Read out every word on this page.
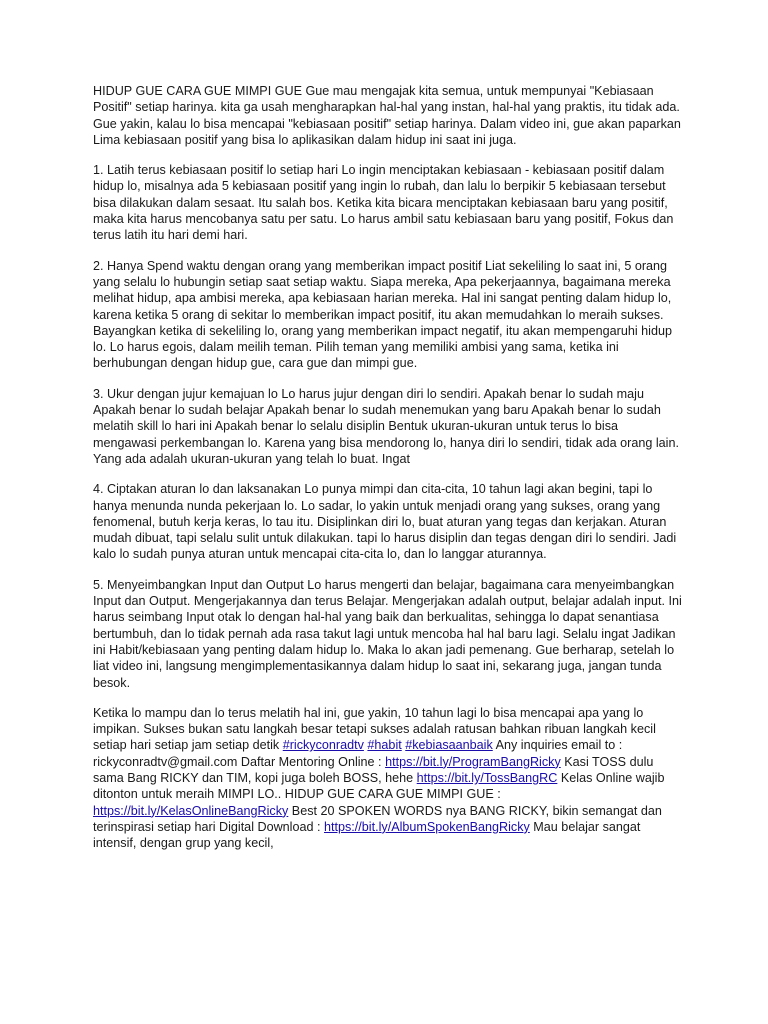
HIDUP GUE CARA GUE MIMPI GUE Gue mau mengajak kita semua, untuk mempunyai "Kebiasaan Positif" setiap harinya. kita ga usah mengharapkan hal-hal yang instan, hal-hal yang praktis, itu tidak ada. Gue yakin, kalau lo bisa mencapai "kebiasaan positif" setiap harinya. Dalam video ini, gue akan paparkan Lima kebiasaan positif yang bisa lo aplikasikan dalam hidup ini saat ini juga.

1. Latih terus kebiasaan positif lo setiap hari Lo ingin menciptakan kebiasaan - kebiasaan positif dalam hidup lo, misalnya ada 5 kebiasaan positif yang ingin lo rubah, dan lalu lo berpikir 5 kebiasaan tersebut bisa dilakukan dalam sesaat. Itu salah bos. Ketika kita bicara menciptakan kebiasaan baru yang positif, maka kita harus mencobanya satu per satu. Lo harus ambil satu kebiasaan baru yang positif, Fokus dan terus latih itu hari demi hari.

2. Hanya Spend waktu dengan orang yang memberikan impact positif Liat sekeliling lo saat ini, 5 orang yang selalu lo hubungin setiap saat setiap waktu. Siapa mereka, Apa pekerjaannya, bagaimana mereka melihat hidup, apa ambisi mereka, apa kebiasaan harian mereka. Hal ini sangat penting dalam hidup lo, karena ketika 5 orang di sekitar lo memberikan impact positif, itu akan memudahkan lo meraih sukses. Bayangkan ketika di sekeliling lo, orang yang memberikan impact negatif, itu akan mempengaruhi hidup lo. Lo harus egois, dalam meilih teman. Pilih teman yang memiliki ambisi yang sama, ketika ini berhubungan dengan hidup gue, cara gue dan mimpi gue.

3. Ukur dengan jujur kemajuan lo Lo harus jujur dengan diri lo sendiri. Apakah benar lo sudah maju Apakah benar lo sudah belajar Apakah benar lo sudah menemukan yang baru Apakah benar lo sudah melatih skill lo hari ini Apakah benar lo selalu disiplin Bentuk ukuran-ukuran untuk terus lo bisa mengawasi perkembangan lo. Karena yang bisa mendorong lo, hanya diri lo sendiri, tidak ada orang lain. Yang ada adalah ukuran-ukuran yang telah lo buat. Ingat

4. Ciptakan aturan lo dan laksanakan Lo punya mimpi dan cita-cita, 10 tahun lagi akan begini, tapi lo hanya menunda nunda pekerjaan lo. Lo sadar, lo yakin untuk menjadi orang yang sukses, orang yang fenomenal, butuh kerja keras, lo tau itu. Disiplinkan diri lo, buat aturan yang tegas dan kerjakan. Aturan mudah dibuat, tapi selalu sulit untuk dilakukan. tapi lo harus disiplin dan tegas dengan diri lo sendiri. Jadi kalo lo sudah punya aturan untuk mencapai cita-cita lo, dan lo langgar aturannya.

5. Menyeimbangkan Input dan Output Lo harus mengerti dan belajar, bagaimana cara menyeimbangkan Input dan Output. Mengerjakannya dan terus Belajar. Mengerjakan adalah output, belajar adalah input. Ini harus seimbang Input otak lo dengan hal-hal yang baik dan berkualitas, sehingga lo dapat senantiasa bertumbuh, dan lo tidak pernah ada rasa takut lagi untuk mencoba hal hal baru lagi. Selalu ingat Jadikan ini Habit/kebiasaan yang penting dalam hidup lo. Maka lo akan jadi pemenang. Gue berharap, setelah lo liat video ini, langsung mengimplementasikannya dalam hidup lo saat ini, sekarang juga, jangan tunda besok.

Ketika lo mampu dan lo terus melatih hal ini, gue yakin, 10 tahun lagi lo bisa mencapai apa yang lo impikan. Sukses bukan satu langkah besar tetapi sukses adalah ratusan bahkan ribuan langkah kecil setiap hari setiap jam setiap detik #rickyconradtv #habit #kebiasaanbaik Any inquiries email to : rickyconradtv@gmail.com Daftar Mentoring Online : https://bit.ly/ProgramBangRicky Kasi TOSS dulu sama Bang RICKY dan TIM, kopi juga boleh BOSS, hehe https://bit.ly/TossBangRC Kelas Online wajib ditonton untuk meraih MIMPI LO.. HIDUP GUE CARA GUE MIMPI GUE : https://bit.ly/KelasOnlineBangRicky Best 20 SPOKEN WORDS nya BANG RICKY, bikin semangat dan terinspirasi setiap hari Digital Download : https://bit.ly/AlbumSpokenBangRicky Mau belajar sangat intensif, dengan grup yang kecil,
